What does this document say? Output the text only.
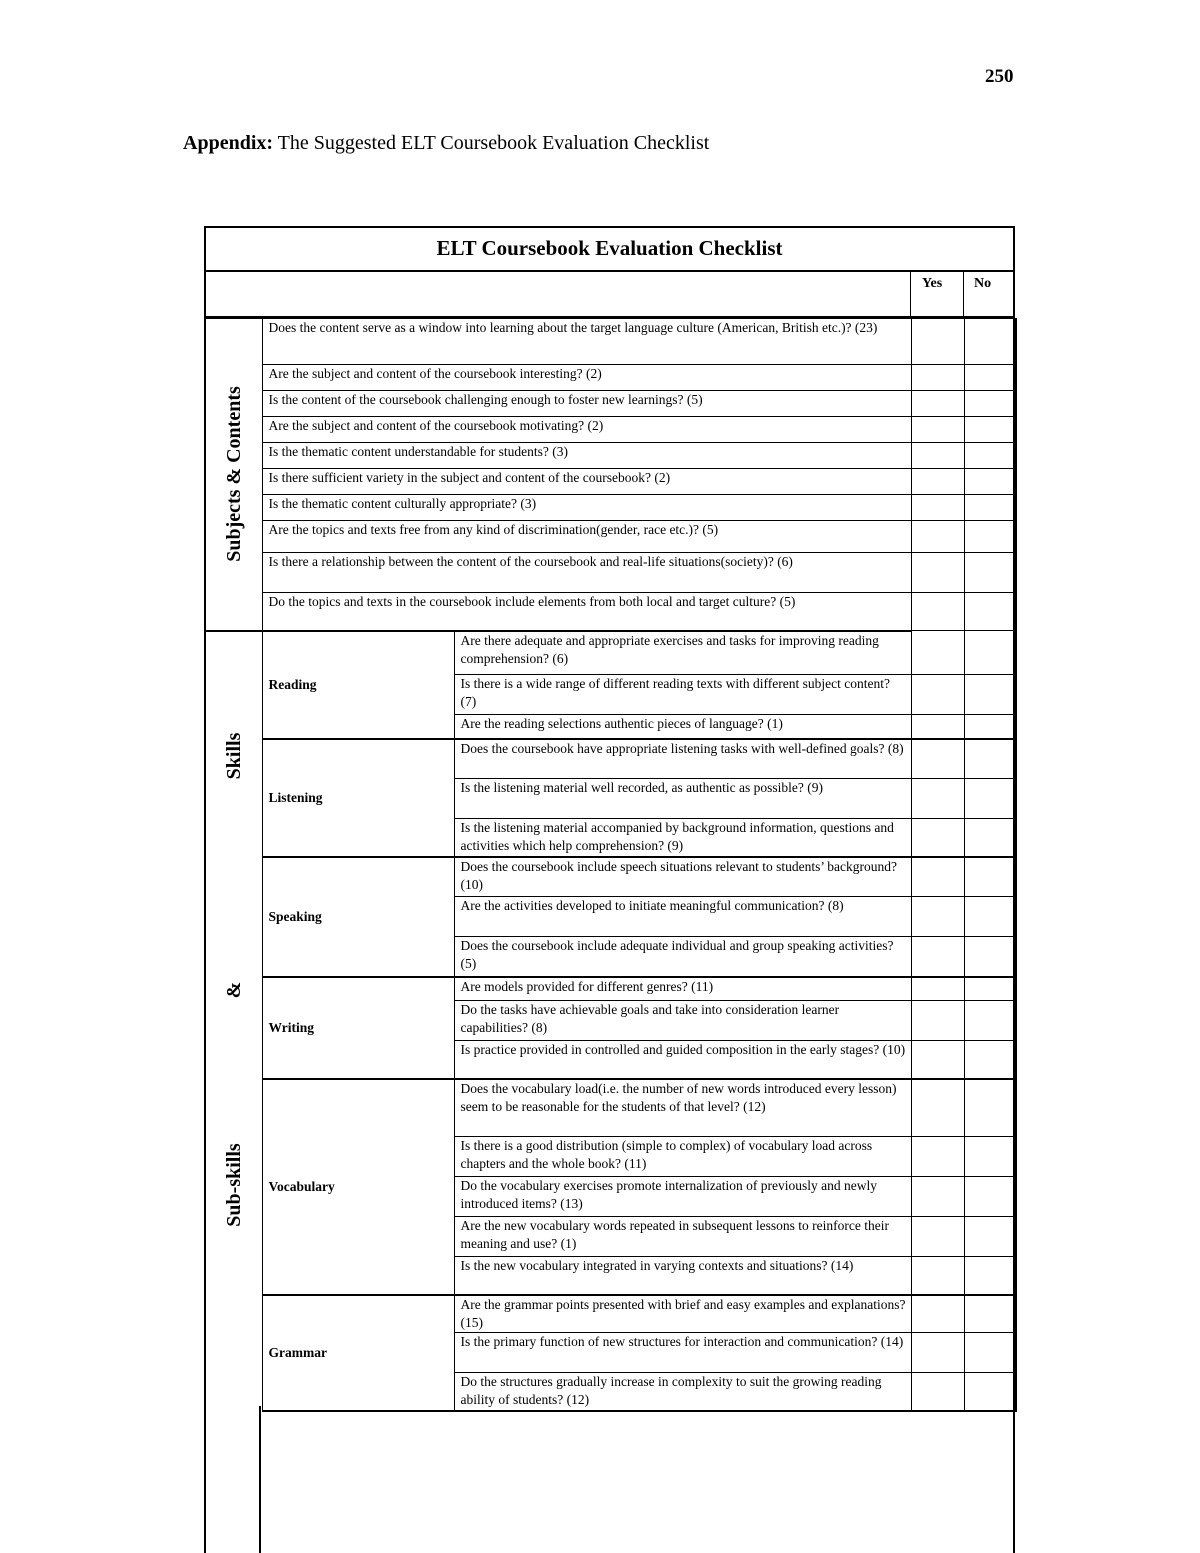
250
Appendix: The Suggested ELT Coursebook Evaluation Checklist
ELT Coursebook Evaluation Checklist
Yes No
Subjects & Contents	Does the content serve as a window into learning about the target language culture (American, British etc.)? (23)			
	Are the subject and content of the coursebook interesting? (2)			
	Is the content of the coursebook challenging enough to foster new learnings? (5)			
	Are the subject and content of the coursebook motivating? (2)			
	Is the thematic content understandable for students? (3)			
	Is there sufficient variety in the subject and content of the coursebook? (2)			
	Is the thematic content culturally appropriate? (3)			
	Are the topics and texts free from any kind of discrimination(gender, race etc.)? (5)			
	Is there a relationship between the content of the coursebook and real-life situations(society)? (6)			
	Do the topics and texts in the coursebook include elements from both local and target culture? (5)			

Skills
&
Sub-skills	Reading	Are there adequate and appropriate exercises and tasks for improving reading comprehension? (6)		
		Is there is a wide range of different reading texts with different subject content? (7)		
		Are the reading selections authentic pieces of language? (1)		
	Listening	Does the coursebook have appropriate listening tasks with well-defined goals? (8)		
		Is the listening material well recorded, as authentic as possible? (9)		
		Is the listening material accompanied by background information, questions and activities which help comprehension? (9)		
	Speaking	Does the coursebook include speech situations relevant to students’ background? (10)		
		Are the activities developed to initiate meaningful communication? (8)		
		Does the coursebook include adequate individual and group speaking activities? (5)		
	Writing	Are models provided for different genres? (11)		
		Do the tasks have achievable goals and take into consideration learner capabilities? (8)		
		Is practice provided in controlled and guided composition in the early stages? (10)		
	Vocabulary	Does the vocabulary load(i.e. the number of new words introduced every lesson) seem to be reasonable for the students of that level? (12)		
		Is there is a good distribution (simple to complex) of vocabulary load across chapters and the whole book? (11)		
		Do the vocabulary exercises promote internalization of previously and newly introduced items? (13)		
		Are the new vocabulary words repeated in subsequent lessons to reinforce their meaning and use? (1)		
		Is the new vocabulary integrated in varying contexts and situations? (14)		
	Grammar	Are the grammar points presented with brief and easy examples and explanations? (15)		
		Is the primary function of new structures for interaction and communication? (14)		
		Do the structures gradually increase in complexity to suit the growing reading ability of students? (12)		
